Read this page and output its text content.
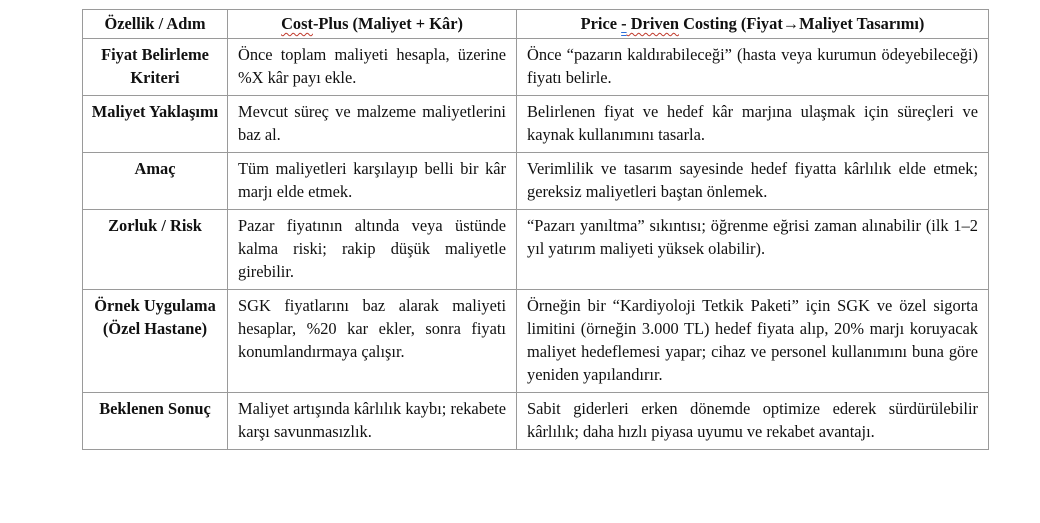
Özellik / Adım	Cost-Plus (Maliyet + Kâr)	Price - Driven Costing (Fiyat→Maliyet Tasarımı)
Fiyat Belirleme Kriteri	Önce toplam maliyeti hesapla, üzerine %X kâr payı ekle.	Önce “pazarın kaldırabileceği” (hasta veya kurumun ödeyebileceği) fiyatı belirle.
Maliyet Yaklaşımı	Mevcut süreç ve malzeme maliyetlerini baz al.	Belirlenen fiyat ve hedef kâr marjına ulaşmak için süreçleri ve kaynak kullanımını tasarla.
Amaç	Tüm maliyetleri karşılayıp belli bir kâr marjı elde etmek.	Verimlilik ve tasarım sayesinde hedef fiyatta kârlılık elde etmek; gereksiz maliyetleri baştan önlemek.
Zorluk / Risk	Pazar fiyatının altında veya üstünde kalma riski; rakip düşük maliyetle girebilir.	“Pazarı yanıltma” sıkıntısı; öğrenme eğrisi zaman alınabilir (ilk 1–2 yıl yatırım maliyeti yüksek olabilir).
Örnek Uygulama (Özel Hastane)	SGK fiyatlarını baz alarak maliyeti hesaplar, %20 kar ekler, sonra fiyatı konumlandırmaya çalışır.	Örneğin bir “Kardiyoloji Tetkik Paketi” için SGK ve özel sigorta limitini (örneğin 3.000 TL) hedef fiyata alıp, 20% marjı koruyacak maliyet hedeflemesi yapar; cihaz ve personel kullanımını buna göre yeniden yapılandırır.
Beklenen Sonuç	Maliyet artışında kârlılık kaybı; rekabete karşı savunmasızlık.	Sabit giderleri erken dönemde optimize ederek sürdürülebilir kârlılık; daha hızlı piyasa uyumu ve rekabet avantajı.
